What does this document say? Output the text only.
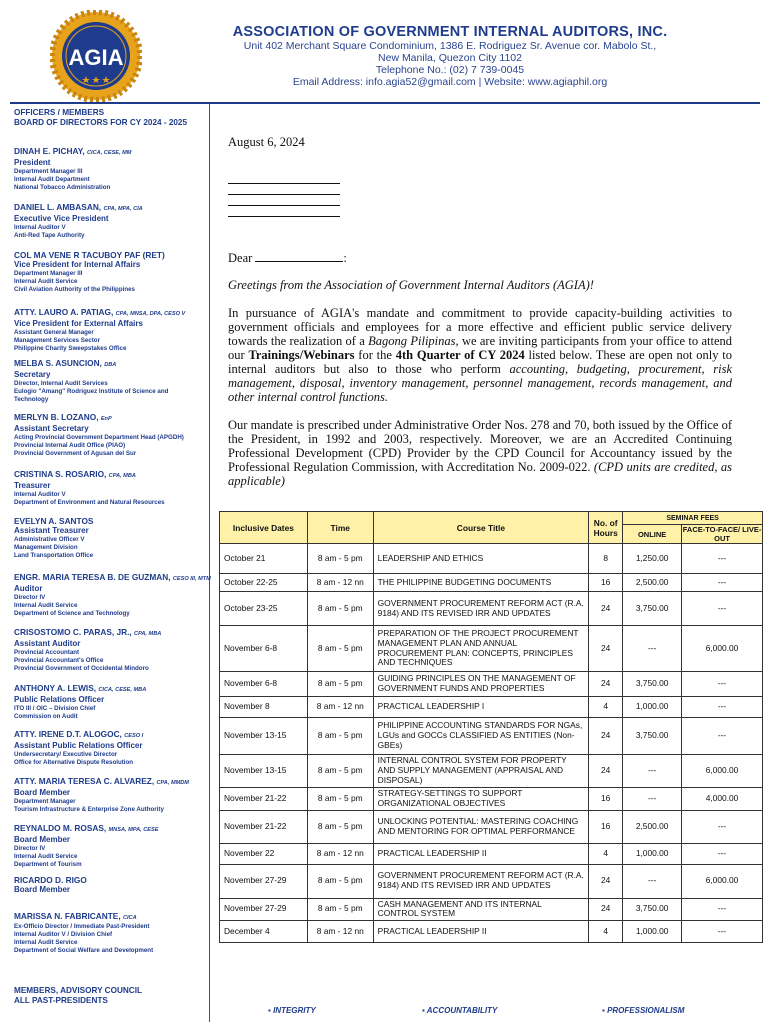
AGIA
ASSOCIATION OF GOVERNMENT INTERNAL AUDITORS, INC.
Unit 402 Merchant Square Condominium, 1386 E. Rodriguez Sr. Avenue cor. Mabolo St.,
New Manila, Quezon City 1102
Telephone No.: (02) 7 739-0045
Email Address: info.agia52@gmail.com | Website: www.agiaphil.org
OFFICERS / MEMBERS
BOARD OF DIRECTORS FOR CY 2024 - 2025
DINAH E. PICHAY, CICA, CESE, MM
President
Department Manager III
Internal Audit Department
National Tobacco Administration
DANIEL L. AMBASAN, CPA, MPA, CIA
Executive Vice President
Internal Auditor V
Anti-Red Tape Authority
COL MA VENE R TACUBOY PAF (RET)
Vice President for Internal Affairs
Department Manager III
Internal Audit Service
Civil Aviation Authority of the Philippines
ATTY. LAURO A. PATIAG, CPA, MNSA, DPA, CESO V
Vice President for External Affairs
Assistant General Manager
Management Services Sector
Philippine Charity Sweepstakes Office
MELBA S. ASUNCION, DBA
Secretary
Director, Internal Audit Services
Eulogio "Amang" Rodriguez Institute of Science and
Technology
MERLYN B. LOZANO, EnP
Assistant Secretary
Acting Provincial Government Department Head (APGDH)
Provincial Internal Audit Office (PIAO)
Provincial Government of Agusan del Sur
CRISTINA S. ROSARIO, CPA, MBA
Treasurer
Internal Auditor V
Department of Environment and Natural Resources
EVELYN A. SANTOS
Assistant Treasurer
Administrative Officer V
Management Division
Land Transportation Office
ENGR. MARIA TERESA B. DE GUZMAN, CESO III, MTM
Auditor
Director IV
Internal Audit Service
Department of Science and Technology
CRISOSTOMO C. PARAS, JR., CPA, MBA
Assistant Auditor
Provincial Accountant
Provincial Accountant's Office
Provincial Government of Occidental Mindoro
ANTHONY A. LEWIS, CICA, CESE, MBA
Public Relations Officer
ITO III / OIC – Division Chief
Commission on Audit
ATTY. IRENE D.T. ALOGOC, CESO I
Assistant Public Relations Officer
Undersecretary/ Executive Director
Office for Alternative Dispute Resolution
ATTY. MARIA TERESA C. ALVAREZ, CPA, MMDM
Board Member
Department Manager
Tourism Infrastructure & Enterprise Zone Authority
REYNALDO M. ROSAS, MNSA, MPA, CESE
Board Member
Director IV
Internal Audit Service
Department of Tourism
RICARDO D. RIGO
Board Member
MARISSA N. FABRICANTE, CICA
Ex-Officio Director / Immediate Past-President
Internal Auditor V / Division Chief
Internal Audit Service
Department of Social Welfare and Development
MEMBERS, ADVISORY COUNCIL
ALL PAST-PRESIDENTS
August 6, 2024
Dear	:
Greetings from the Association of Government Internal Auditors (AGIA)!
In pursuance of AGIA's mandate and commitment to provide capacity-building activities to government officials and employees for a more effective and efficient public service delivery towards the realization of a Bagong Pilipinas, we are inviting participants from your office to attend our Trainings/Webinars for the 4th Quarter of CY 2024 listed below. These are open not only to internal auditors but also to those who perform accounting, budgeting, procurement, risk management, disposal, inventory management, personnel management, records management, and other internal control functions.
Our mandate is prescribed under Administrative Order Nos. 278 and 70, both issued by the Office of the President, in 1992 and 2003, respectively. Moreover, we are an Accredited Continuing Professional Development (CPD) Provider by the CPD Council for Accountancy issued by the Professional Regulation Commission, with Accreditation No. 2009-022. (CPD units are credited, as applicable)
Inclusive Dates	Time	Course Title	No. of Hours	SEMINAR FEES	
				ONLINE	FACE-TO-FACE/ LIVE-OUT
October 21	8 am - 5 pm	LEADERSHIP AND ETHICS	8	1,250.00	---
October 22-25	8 am - 12 nn	THE PHILIPPINE BUDGETING DOCUMENTS	16	2,500.00	---
October 23-25	8 am - 5 pm	GOVERNMENT PROCUREMENT REFORM ACT (R.A. 9184) AND ITS REVISED IRR AND UPDATES	24	3,750.00	---
November 6-8	8 am - 5 pm	PREPARATION OF THE PROJECT PROCUREMENT MANAGEMENT PLAN AND ANNUAL PROCUREMENT PLAN: CONCEPTS, PRINCIPLES AND TECHNIQUES	24	---	6,000.00
November 6-8	8 am - 5 pm	GUIDING PRINCIPLES ON THE MANAGEMENT OF GOVERNMENT FUNDS AND PROPERTIES	24	3,750.00	---
November 8	8 am - 12 nn	PRACTICAL LEADERSHIP I	4	1,000.00	---
November 13-15	8 am - 5 pm	PHILIPPINE ACCOUNTING STANDARDS FOR NGAs, LGUs and GOCCs CLASSIFIED AS ENTITIES (Non-GBEs)	24	3,750.00	---
November 13-15	8 am - 5 pm	INTERNAL CONTROL SYSTEM FOR PROPERTY AND SUPPLY MANAGEMENT (APPRAISAL AND DISPOSAL)	24	---	6,000.00
November 21-22	8 am - 5 pm	STRATEGY-SETTINGS TO SUPPORT ORGANIZATIONAL OBJECTIVES	16	---	4,000.00
November 21-22	8 am - 5 pm	UNLOCKING POTENTIAL: MASTERING COACHING AND MENTORING FOR OPTIMAL PERFORMANCE	16	2,500.00	---
November 22	8 am - 12 nn	PRACTICAL LEADERSHIP II	4	1,000.00	---
November 27-29	8 am - 5 pm	GOVERNMENT PROCUREMENT REFORM ACT (R.A. 9184) AND ITS REVISED IRR AND UPDATES	24	---	6,000.00
November 27-29	8 am - 5 pm	CASH MANAGEMENT AND ITS INTERNAL CONTROL SYSTEM	24	3,750.00	---
December 4	8 am - 12 nn	PRACTICAL LEADERSHIP II	4	1,000.00	---
▪ INTEGRITY	▪ ACCOUNTABILITY	▪ PROFESSIONALISM
